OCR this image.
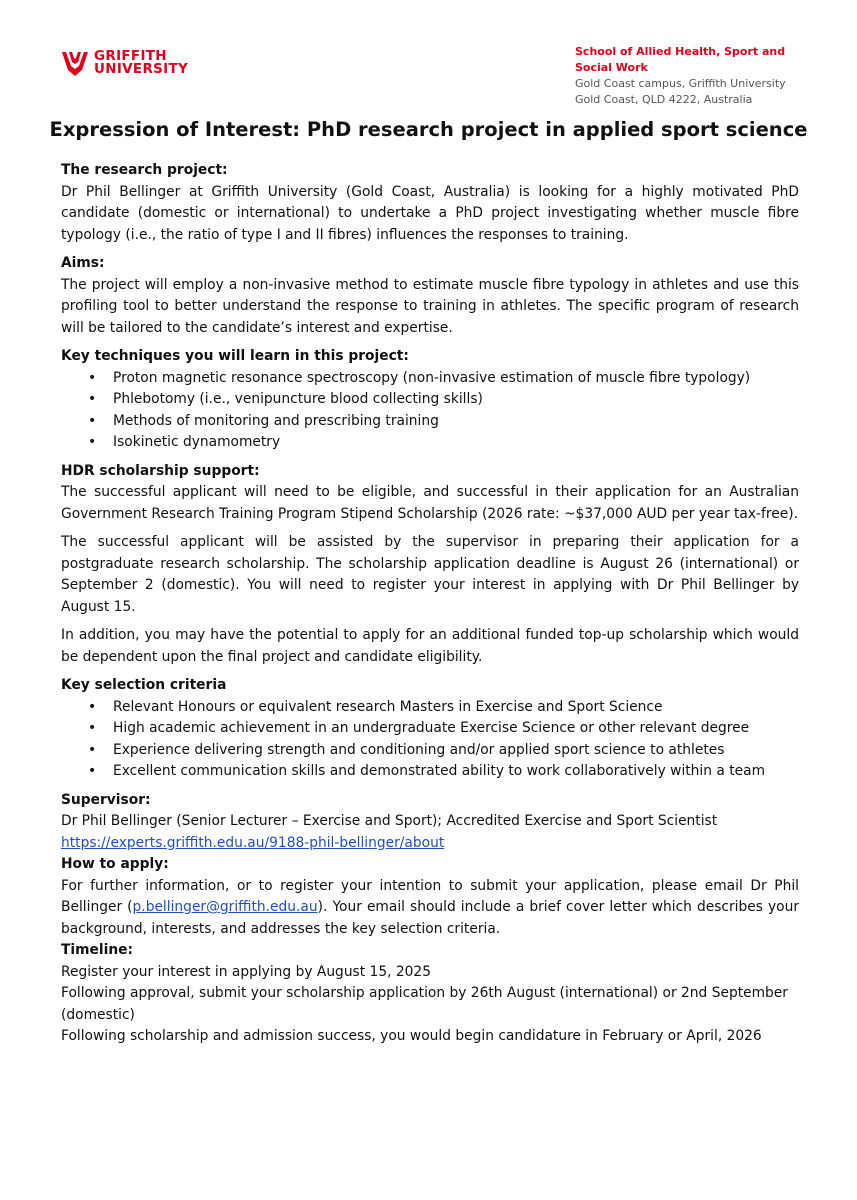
GRIFFITH
UNIVERSITY
School of Allied Health, Sport and Social Work
Gold Coast campus, Griffith University
Gold Coast, QLD 4222, Australia
Expression of Interest: PhD research project in applied sport science

The research project:

Dr Phil Bellinger at Griffith University (Gold Coast, Australia) is looking for a highly motivated PhD candidate (domestic or international) to undertake a PhD project investigating whether muscle fibre typology (i.e., the ratio of type I and II fibres) influences the responses to training.

Aims:

The project will employ a non-invasive method to estimate muscle fibre typology in athletes and use this profiling tool to better understand the response to training in athletes. The specific program of research will be tailored to the candidate’s interest and expertise.

Key techniques you will learn in this project:

• Proton magnetic resonance spectroscopy (non-invasive estimation of muscle fibre typology)
• Phlebotomy (i.e., venipuncture blood collecting skills)
• Methods of monitoring and prescribing training
• Isokinetic dynamometry

HDR scholarship support:

The successful applicant will need to be eligible, and successful in their application for an Australian Government Research Training Program Stipend Scholarship (2026 rate: ~$37,000 AUD per year tax-free).

The successful applicant will be assisted by the supervisor in preparing their application for a postgraduate research scholarship. The scholarship application deadline is August 26 (international) or September 2 (domestic). You will need to register your interest in applying with Dr Phil Bellinger by August 15.

In addition, you may have the potential to apply for an additional funded top-up scholarship which would be dependent upon the final project and candidate eligibility.

Key selection criteria

• Relevant Honours or equivalent research Masters in Exercise and Sport Science
• High academic achievement in an undergraduate Exercise Science or other relevant degree
• Experience delivering strength and conditioning and/or applied sport science to athletes
• Excellent communication skills and demonstrated ability to work collaboratively within a team

Supervisor:

Dr Phil Bellinger (Senior Lecturer – Exercise and Sport); Accredited Exercise and Sport Scientist

https://experts.griffith.edu.au/9188-phil-bellinger/about

How to apply:

For further information, or to register your intention to submit your application, please email Dr Phil Bellinger (p.bellinger@griffith.edu.au). Your email should include a brief cover letter which describes your background, interests, and addresses the key selection criteria.

Timeline:

Register your interest in applying by August 15, 2025

Following approval, submit your scholarship application by 26th August (international) or 2nd September (domestic)

Following scholarship and admission success, you would begin candidature in February or April, 2026
